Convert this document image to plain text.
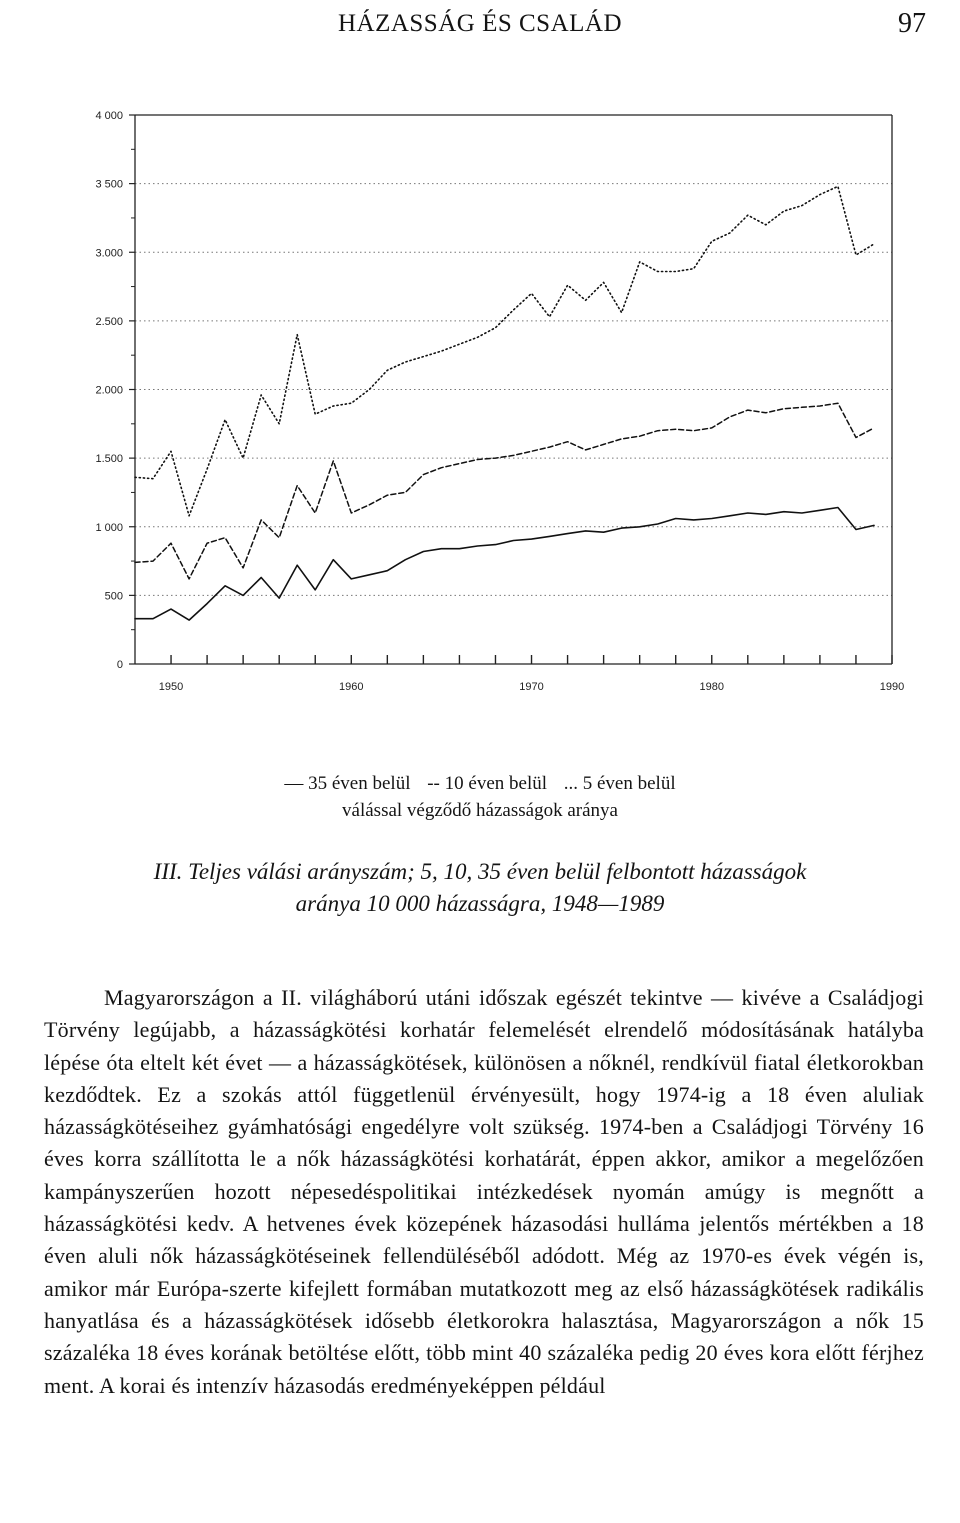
HÁZASSÁG ÉS CSALÁD	97
0
500
1 000
1.500
2.000
2.500
3.000
3 500
4 000
1950	1960	1970	1980	1990
— 35 éven belül -- 10 éven belül ... 5 éven belül
válással végződő házasságok aránya
III. Teljes válási arányszám; 5, 10, 35 éven belül felbontott házasságok
aránya 10 000 házasságra, 1948—1989

Magyarországon a II. világháború utáni időszak egészét tekintve — kivéve a Családjogi Törvény legújabb, a házasságkötési korhatár felemelését elrendelő módosításának hatályba lépése óta eltelt két évet — a házasságkötések, különösen a nőknél, rendkívül fiatal életkorokban kezdődtek. Ez a szokás attól függetlenül érvényesült, hogy 1974-ig a 18 éven aluliak házasságkötéseihez gyámhatósági engedélyre volt szükség. 1974-ben a Családjogi Törvény 16 éves korra szállította le a nők házasságkötési korhatárát, éppen akkor, amikor a megelőzően kampányszerűen hozott népesedéspolitikai intézkedések nyomán amúgy is megnőtt a házasságkötési kedv. A hetvenes évek közepének házasodási hulláma jelentős mértékben a 18 éven aluli nők házasságkötéseinek fellendüléséből adódott. Még az 1970-es évek végén is, amikor már Európa-szerte kifejlett formában mutatkozott meg az első házasságkötések radikális hanyatlása és a házasságkötések idősebb életkorokra halasztása, Magyarországon a nők 15 százaléka 18 éves korának betöltése előtt, több mint 40 százaléka pedig 20 éves kora előtt férjhez ment. A korai és intenzív házasodás eredményeképpen például
